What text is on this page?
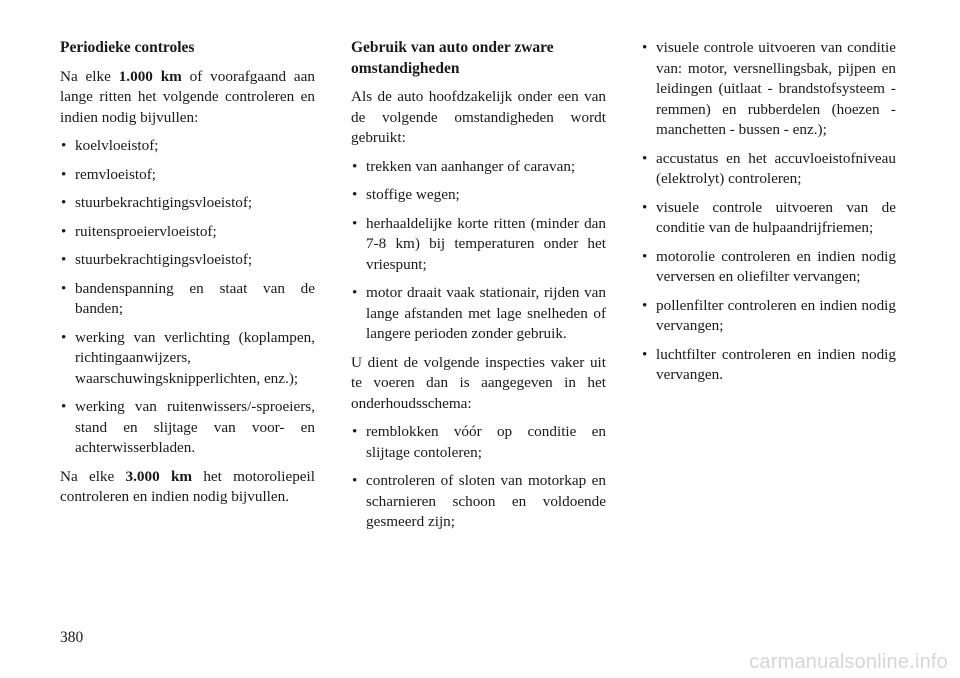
Periodieke controles

Na elke 1.000 km of voorafgaand aan lange ritten het volgende controleren en indien nodig bijvullen:

• koelvloeistof;
• remvloeistof;
• stuurbekrachtigingsvloeistof;
• ruitensproeiervloeistof;
• stuurbekrachtigingsvloeistof;
• bandenspanning en staat van de banden;
• werking van verlichting (koplampen, richtingaanwijzers, waarschuwingsknipperlichten, enz.);
• werking van ruitenwissers/-sproeiers, stand en slijtage van voor- en achterwisserbladen.

Na elke 3.000 km het motoroliepeil controleren en indien nodig bijvullen.

Gebruik van auto onder zware omstandigheden

Als de auto hoofdzakelijk onder een van de volgende omstandigheden wordt gebruikt:

• trekken van aanhanger of caravan;
• stoffige wegen;
• herhaaldelijke korte ritten (minder dan 7-8 km) bij temperaturen onder het vriespunt;
• motor draait vaak stationair, rijden van lange afstanden met lage snelheden of langere perioden zonder gebruik.

U dient de volgende inspecties vaker uit te voeren dan is aangegeven in het onderhoudsschema:

• remblokken vóór op conditie en slijtage contoleren;
• controleren of sloten van motorkap en scharnieren schoon en voldoende gesmeerd zijn;
• visuele controle uitvoeren van conditie van: motor, versnellingsbak, pijpen en leidingen (uitlaat - brandstofsysteem - remmen) en rubberdelen (hoezen - manchetten - bussen - enz.);
• accustatus en het accuvloeistofniveau (elektrolyt) controleren;
• visuele controle uitvoeren van de conditie van de hulpaandrijfriemen;
• motorolie controleren en indien nodig verversen en oliefilter vervangen;
• pollenfilter controleren en indien nodig vervangen;
• luchtfilter controleren en indien nodig vervangen.
380
carmanualsonline.info
